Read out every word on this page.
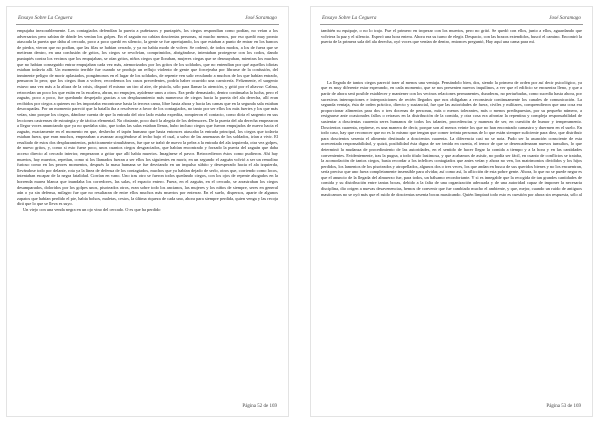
Ensayo Sobre La Ceguera	José Saramago

empujaba inexorablemente. Los contagiados defendían la puerta a puñetazos y puntapiés, los ciegos respondían como podían, no veían a los adversarios pero sabían de dónde les venían los golpes. En el zaguán no cabían doscientas personas, ni mucho menos, por eso quedó muy pronto atascada la puerta que daba al cercado, poco a poco quedó en silencio, la gente se fue apretujando, los que estaban a punto de entrar en los bancos de piedra, vieron que no podían, que las filas se habían cerrado, y ya no había modo de volver. Se ordenó, de todos modos, a los de fuera que se metieran dentro, en una confusión de gritos, los ciegos se revolvían, comprimidos, abrigándose, intentaban protegerse con los codos, dando puntapiés contra los vecinos que los empujaban, se oían gritos, niños ciegos que lloraban, mujeres ciegas que se desmayaban, mientras los muchos que no habían conseguido entrar empujaban cada vez más, atemorizados por los gritos de los soldados, que no entendían por qué aquellos idiotas estaban todavía allí. Un momento terrible fue cuando se produjo un reflujo violento de gente que forcejeaba por librarse de la confusión, del inminente peligro de morir aplastados, pongámonos en el lugar de los soldados, de repente ven salir reculando a muchos de los que habían entrado, pensaron lo peor, que los ciegos iban a volver, recordemos los casos precedentes, podría haber ocurrido una carnicería. Felizmente, el sargento estuvo una vez más a la altura de la crisis, disparó él mismo un tiro al aire, de pistola, sólo para llamar la atención, y gritó por el altavoz: Calma, retrocedan un poco los que están en la escalera, abran, no empujen, ayúdense unos a otros. Era pedir demasiado, dentro continuaba la lucha, pero el zaguán, poco a poco, fue quedando despejado gracias a un desplazamiento más numeroso de ciegos hacia la puerta del ala derecha, allí eran recibidos por ciegos a quienes no les importaba encontrarse hasta la tercera cama, libre hasta ahora y hacia las camas que en la segunda sala estaban desocupadas. Por un momento pareció que la batalla iba a resolverse a favor de los contagiados, no tanto por ser ellos los más fuertes y los que más veían, sino porque los ciegos, dándose cuenta de que la entrada del otro lado estaba expedita, rompieron el contacto, como diría el sargento en sus lecciones castrenses de estrategia y de táctica elemental. No obstante, poco duró la alegría de los defensores. De la puerta del ala derecha empezaron a llegar voces anunciando que ya no quedaba sitio, que todas las salas estaban llenas, hubo incluso ciegos que fueron empujados de nuevo hacia el zaguán, exactamente en el momento en que, deshecho el tapón humano que hasta entonces atascaba la entrada principal, los ciegos que todavía estaban fuera, que eran muchos, empezaban a avanzar acogiéndose al techo bajo el cual, a salvo de las amenazas de los soldados, irían a vivir. El resultado de estos dos desplazamientos, prácticamente simultáneos, fue que se trabó de nuevo la pelea a la entrada del ala izquierda, otra vez golpes, de nuevo gritos, y, como si esto fuese poco, unos cuantos ciegos desgraciados, que habían encontrado y forzado la puerta del zaguán que daba acceso directo al cercado interior, empezaron a gritar que allí había muertos. Imagínese el pavor. Retrocedieron éstos como pudieron. Ahí hay muertos, hay muertos, repetían, como si los llamados fueran a ser ellos los siguientes en morir, en un segundo el zaguán volvió a ser un remolino furioso como en los peores momentos, después la masa humana se fue desviando en un impulso súbito y desesperado hacia el ala izquierda, llevándose todo por delante, rota ya la línea de defensa de los contagiados, muchos que ya habían dejado de serlo, otros que, corriendo como locos, intentaban escapar de la negra fatalidad. Corrían en vano. Uno tras otro se fueron todos quedando ciegos, con los ojos de repente ahogados en la horrenda marea blanca que inundaba los corredores, las salas, el espacio entero. Fuera, en el zaguán, en el cercado, se arrastraban los ciegos desamparados, doloridos por los golpes unos, pisoteados otros, eran sobre todo los ancianos, las mujeres y los niños de siempre, seres en general aún o ya sin defensa, milagro fue que no resultaran de entre ellos muchos más muertos por enterrar. En el suelo, dispersos, aparte de algunos zapatos que habían perdido el pie, había bolsos, maletas, cestos, la última riqueza de cada uno, ahora para siempre perdida, quien venga y las recoja dirá que lo que se lleva es suyo.

Un viejo con una venda negra en un ojo vino del cercado. O es que ha perdido

Página 52 de 169
Ensayo Sobre La Ceguera	José Saramago

también su equipaje, o no lo trajo. Fue el primero en tropezar con los muertos, pero no gritó. Se quedó con ellos, junto a ellos, aguardando que volviera la paz y el silencio. Esperó una hora entera. Ahora era su turno de elegir. Despacio, con las brazos extendidos, buscó el camino. Encontró la puerta de la primera sala del ala derecha, oyó voces que venían de dentro, entonces preguntó, Hay aquí una cama para mí.

La llegada de tantos ciegos pareció traer al menos una ventaja. Pensándolo bien, dos, siendo la primera de orden por así decir psicológico, ya que es muy diferente estar esperando, en cada momento, que se nos presenten nuevos inquilinos, a ver que el edificio se encuentra lleno, y que a partir de ahora será posible establecer y mantener con los vecinos relaciones permanentes, duraderas, no perturbadas, como sucedía hasta ahora, por sucesivas interrupciones e interposiciones de recién llegados que nos obligaban a reconstruir continuamente los canales de comunicación. La segunda ventaja, ésta de orden práctico, directo y sustancial, fue que las autoridades de fuera, civiles y militares, comprendieron que una cosa era proporcionar alimentos para dos o tres docenas de personas, más o menos tolerantes, más o menos predispuestas, por su pequeño número, a resignarse ante ocasionales fallos o retrasos en la distribución de la comida, y otra cosa era afrontar la repentina y compleja responsabilidad de sustentar a doscientas cuarenta seres humanos de todos los talantes, procedencias y maneras de ser, en cuestión de humor y temperamento. Doscientos cuarenta, repárese, es una manera de decir, porque son al menos veinte los que no han encontrado camastro y duermen en el suelo. En todo caso, hay que reconocer que no es lo mismo que tengan que comer treinta personas de lo que están siempre suficiente para diez, que distribuir para doscientos sesenta el alimento destinado a doscientos cuarenta. La diferencia casi no se nota. Pudo ser la asunción consciente de esta acrecentada responsabilidad, y quizá, posibilidad ésta digna de ser tenida en cuenta, el temor de que se desencadenaran nuevos tumultos, lo que determinó la mudanza de procedimiento de las autoridades, en el sentido de hacer llegar la comida a tiempo y a la hora y en las cantidades convenientes. Evidentemente, tras la pugna, a todo título lastimosa, y que acabamos de asistir, no podía ser fácil, en cuanto de conflictos se trataba, la acomodación de tantos ciegos, basta recordar a los infelices contagiados que antes veían y ahora no ven, los matrimonios divididos y los hijos perdidos, los lamentos de los pisoteados y atropellados, algunos dos o tres veces, los que andan en busca de sus queridos bienes y no los encuentran, sería preciso que uno fuera completamente insensible para olvidar, así como así, la aflicción de esta pobre gente. Ahora, lo que no se puede negar es que el anuncio de la llegada del almuerzo fue, para todos, un bálsamo reconfortante. Y si es innegable que la recogida de tan grandes cantidades de comida y su distribución entre tantas bocas, debido a la falta de una organización adecuada y de una autoridad capaz de imponer la necesaria disciplina, dio origen a nuevas desavenencias, hemos de convenir que fue cambiado mucho el ambiente, y que, mejor, cuando un ruido de antiguos masticamos no se oyó más que el ruido de doscientas sesenta bocas masticando. Quién limpiará todo esto es cuestión por ahora sin respuesta, sólo al

Página 53 de 169
